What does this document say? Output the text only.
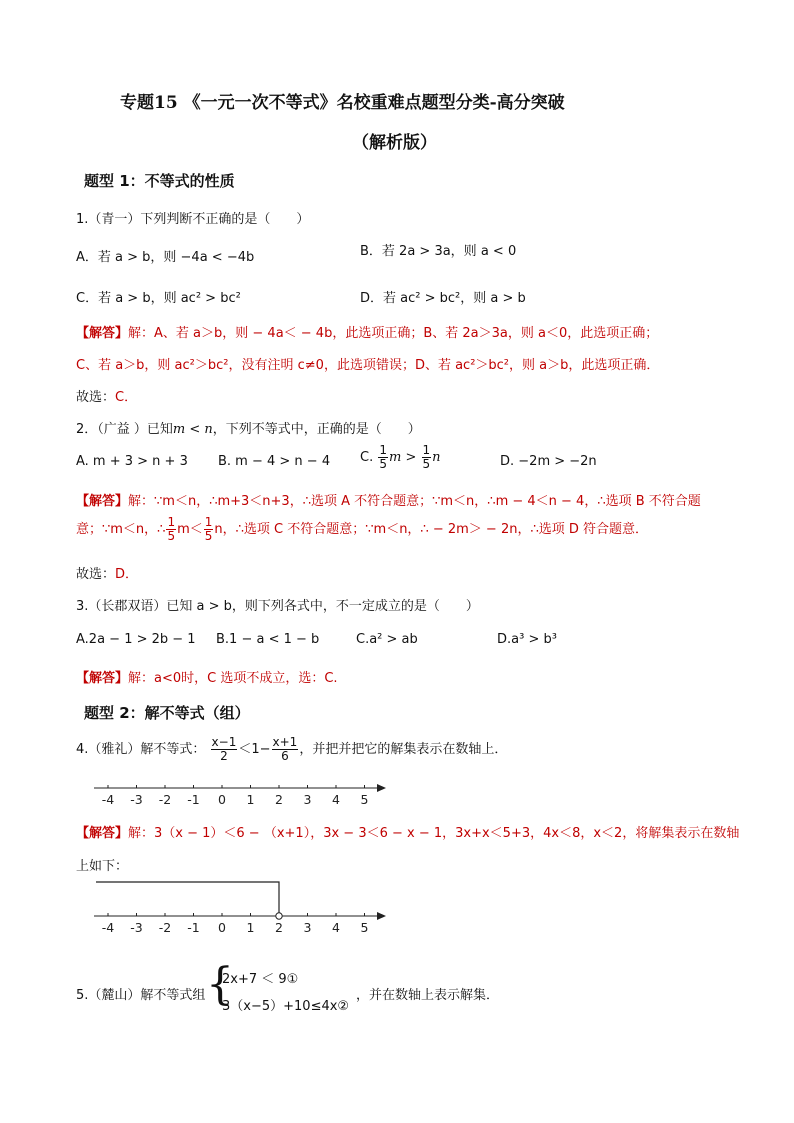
专题15 《一元一次不等式》名校重难点题型分类-高分突破
（解析版）
题型 1：不等式的性质
1.（青一）下列判断不正确的是（　　）
A．若 a > b，则 −4a < −4b	B．若 2a > 3a，则 a < 0
C．若 a > b，则 ac² > bc²	D．若 ac² > bc²，则 a > b
【解答】解：A、若 a＞b，则 − 4a＜ − 4b，此选项正确；B、若 2a＞3a，则 a＜0，此选项正确；
C、若 a＞b，则 ac²＞bc²，没有注明 c≠0，此选项错误；D、若 ac²＞bc²，则 a＞b，此选项正确．
故选：C．
2．（广益 ）已知m < n，下列不等式中，正确的是（　　）
A. m + 3 > n + 3 B. m − 4 > n − 4 C. $\frac{1}{5}$ $m > \frac{1}{5}$ n	D. −2m > −2n
【解答】解：∵m＜n，∴m+3＜n+3，∴选项 A 不符合题意；∵m＜n，∴m − 4＜n − 4，∴选项 B 不符合题
意；∵m＜n，∴ $\frac{1}{5} m< \frac{1}{5}$ n，∴选项 C 不符合题意；∵m＜n，∴ − 2m＞ − 2n，∴选项 D 符合题意．
故选：D．
3.（长郡双语）已知 a > b，则下列各式中，不一定成立的是（　　）
A.2a − 1 > 2b − 1 B.1 − a < 1 − b	C.a² > ab	D.a³ > b³
【解答】解：a<0时，C 选项不成立，选：C.
题型 2：解不等式（组）
4.（雅礼）解不等式： $\frac{x-1}{2} <1- \frac{x+1}{6}$ ，并把并把它的解集表示在数轴上．
-4 -3 -2 -1 0 1 2 3 4 5
【解答】解：3（x − 1）＜6 − （x+1），3x − 3＜6 − x − 1，3x+x＜5+3，4x＜8，x＜2，将解集表示在数轴
上如下：
-4 -3 -2 -1 0 1 2 3 4 5
5.（麓山）解不等式组 {
2x+7 ＜ 9①
3（x−5）+10≤4x②
，并在数轴上表示解集．
